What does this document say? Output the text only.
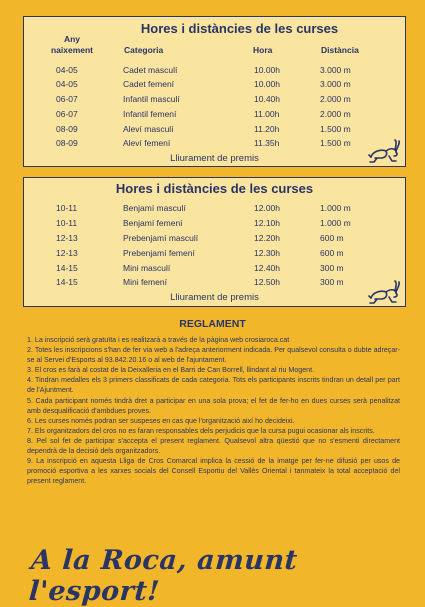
Hores i distàncies de les curses
Any naixement	Categoria	Hora	Distància
04-05	Cadet masculí	10.00h	3.000 m
04-05	Cadet femení	10.00h	3.000 m
06-07	Infantil masculí	10.40h	2.000 m
06-07	Infantil femení	11.00h	2.000 m
08-09	Aleví masculí	11.20h	1.500 m
08-09	Aleví femení	11.35h	1.500 m
Lliurament de premis
Hores i distàncies de les curses
10-11	Benjamí masculí	12.00h	1.000 m
10-11	Benjamí femení	12.10h	1.000 m
12-13	Prebenjamí masculí	12.20h	600 m
12-13	Prebenjamí femení	12.30h	600 m
14-15	Mini masculí	12.40h	300 m
14-15	Mini femení	12.50h	300 m
Lliurament de premis
REGLAMENT

1. La inscripció serà gratuïta i es realitzarà a través de la pàgina web crosiaroca.cat

2. Totes les inscripcions s'han de fer via web a l'adreça anteriorment indicada. Per qualsevol consulta o dubte adreçar-se al Servei d'Esports al 93.842.20.16 o al web de l'ajuntament.

3. El cros es farà al costat de la Deixalleria en el Barri de Can Borrell, llindant al riu Mogent.

4. Tindran medalles els 3 primers classificats de cada categoria. Tots els participants inscrits tindran un detall per part de l'Ajuntment.

5. Cada participant només tindrà dret a participar en una sola prova; el fet de fer-ho en dues curses serà penalitzat amb desqualificació d'ambdues proves.

6. Les curses només podran ser suspeses en cas que l'organització així ho decideixi.

7. Els organitzadors del cros no es faran responsables dels perjudicis que la cursa pugui ocasionar als inscrits.

8. Pel sol fet de participar s'accepta el present reglament. Qualsevol altra qüestió que no s'esmenti directament dependrà de la decisió dels organitzadors.

9. La inscripció en aquesta Lliga de Cros Comarcal implica la cessió de la imatge per fer-ne difusió per usos de promoció esportiva a les xarxes socials del Consell Esportiu del Vallès Oriental i tanmateix la total acceptació del present reglament.

A la Roca, amunt l'esport!
